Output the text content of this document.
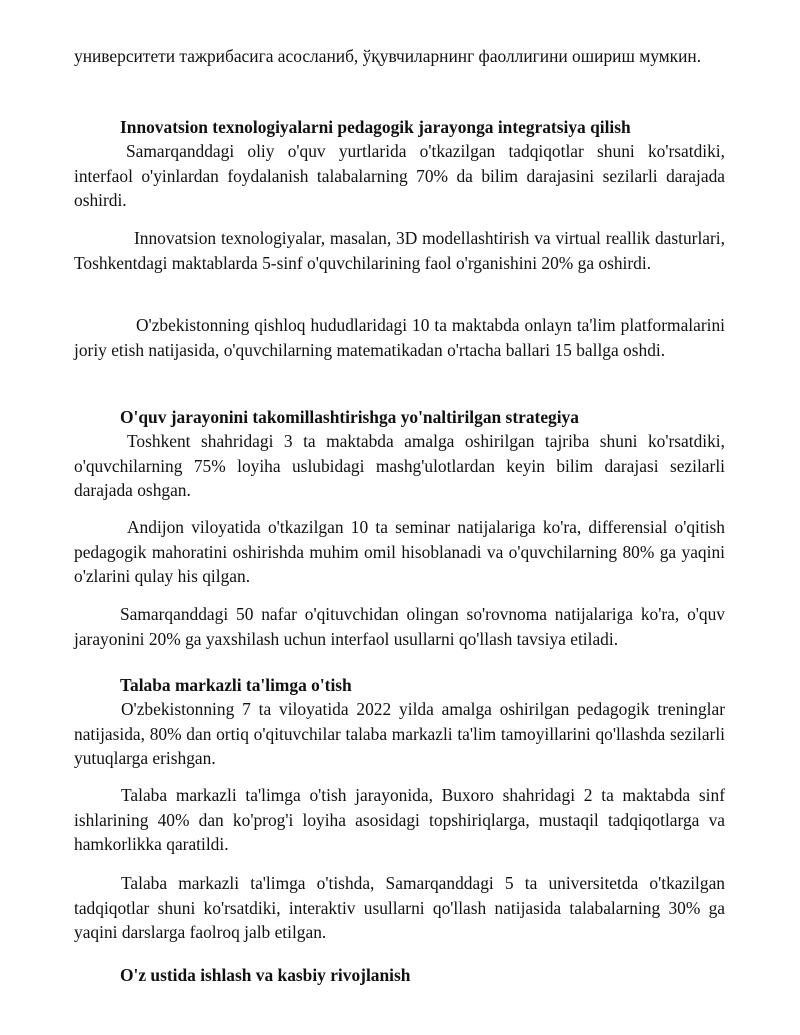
университети тажрибасига асосланиб, ўқувчиларнинг фаоллигини ошириш мумкин.

Innovatsion texnologiyalarni pedagogik jarayonga integratsiya qilish

Samarqanddagi oliy o'quv yurtlarida o'tkazilgan tadqiqotlar shuni ko'rsatdiki, interfaol o'yinlardan foydalanish talabalarning 70% da bilim darajasini sezilarli darajada oshirdi.

Innovatsion texnologiyalar, masalan, 3D modellashtirish va virtual reallik dasturlari, Toshkentdagi maktablarda 5-sinf o'quvchilarining faol o'rganishini 20% ga oshirdi.

O'zbekistonning qishloq hududlaridagi 10 ta maktabda onlayn ta'lim platformalarini joriy etish natijasida, o'quvchilarning matematikadan o'rtacha ballari 15 ballga oshdi.

O'quv jarayonini takomillashtirishga yo'naltirilgan strategiya

Toshkent shahridagi 3 ta maktabda amalga oshirilgan tajriba shuni ko'rsatdiki, o'quvchilarning 75% loyiha uslubidagi mashg'ulotlardan keyin bilim darajasi sezilarli darajada oshgan.

Andijon viloyatida o'tkazilgan 10 ta seminar natijalariga ko'ra, differensial o'qitish pedagogik mahoratini oshirishda muhim omil hisoblanadi va o'quvchilarning 80% ga yaqini o'zlarini qulay his qilgan.

Samarqanddagi 50 nafar o'qituvchidan olingan so'rovnoma natijalariga ko'ra, o'quv jarayonini 20% ga yaxshilash uchun interfaol usullarni qo'llash tavsiya etiladi.

Talaba markazli ta'limga o'tish

O'zbekistonning 7 ta viloyatida 2022 yilda amalga oshirilgan pedagogik treninglar natijasida, 80% dan ortiq o'qituvchilar talaba markazli ta'lim tamoyillarini qo'llashda sezilarli yutuqlarga erishgan.

Talaba markazli ta'limga o'tish jarayonida, Buxoro shahridagi 2 ta maktabda sinf ishlarining 40% dan ko'prog'i loyiha asosidagi topshiriqlarga, mustaqil tadqiqotlarga va hamkorlikka qaratildi.

Talaba markazli ta'limga o'tishda, Samarqanddagi 5 ta universitetda o'tkazilgan tadqiqotlar shuni ko'rsatdiki, interaktiv usullarni qo'llash natijasida talabalarning 30% ga yaqini darslarga faolroq jalb etilgan.

O'z ustida ishlash va kasbiy rivojlanish
